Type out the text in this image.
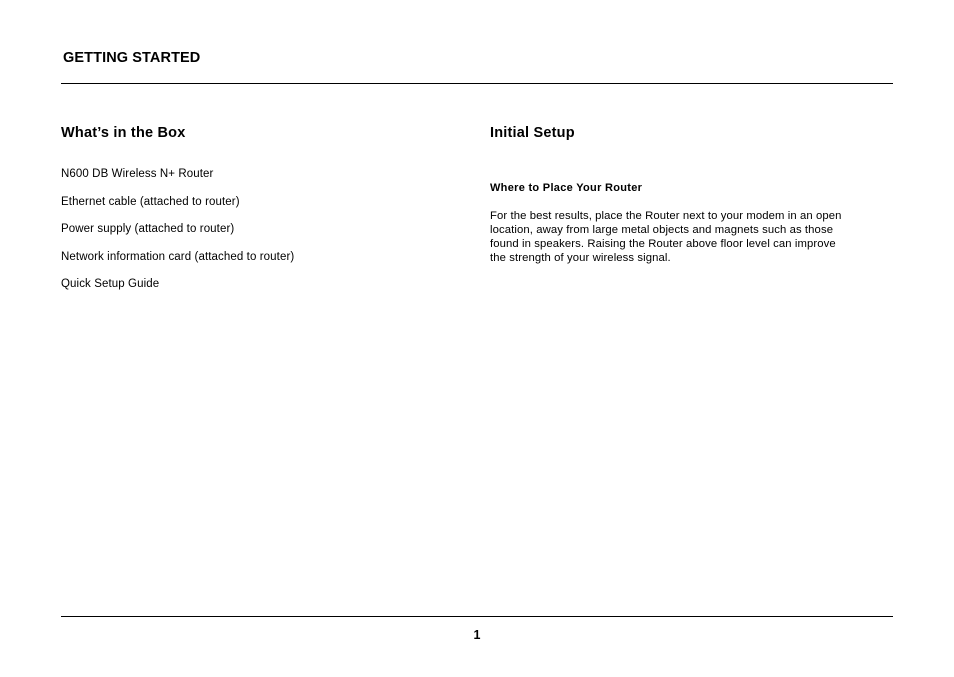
GETTING STARTED
What’s in the Box
N600 DB Wireless N+ Router
Ethernet cable (attached to router)
Power supply (attached to router)
Network information card (attached to router)
Quick Setup Guide
Initial Setup
Where to Place Your Router

For the best results, place the Router next to your modem in an open location, away from large metal objects and magnets such as those found in speakers. Raising the Router above floor level can improve the strength of your wireless signal.

1
